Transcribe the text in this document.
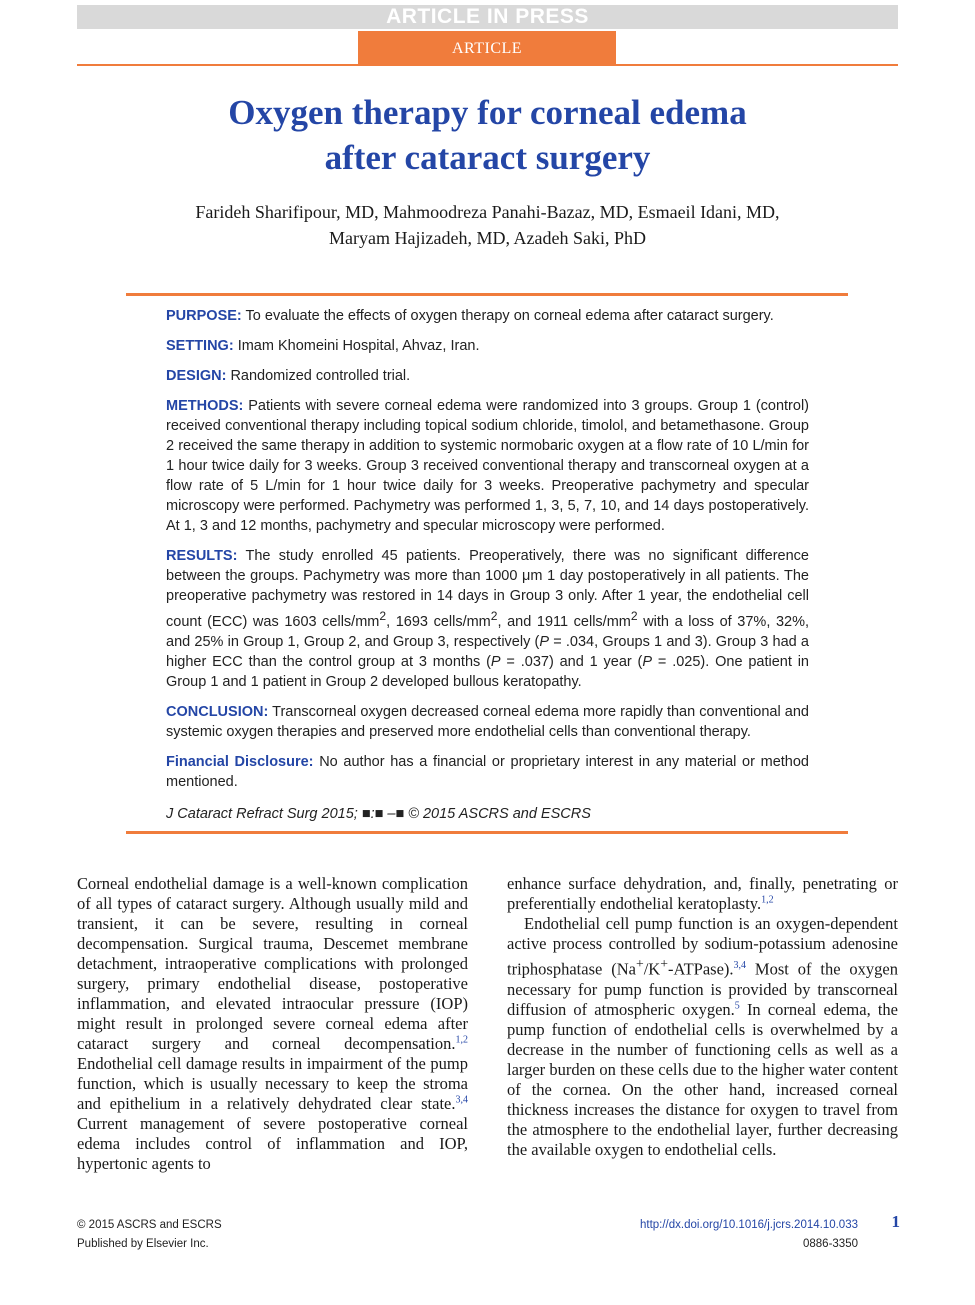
ARTICLE IN PRESS
ARTICLE
Oxygen therapy for corneal edema
after cataract surgery
Farideh Sharifipour, MD, Mahmoodreza Panahi-Bazaz, MD, Esmaeil Idani, MD,
Maryam Hajizadeh, MD, Azadeh Saki, PhD

PURPOSE: To evaluate the effects of oxygen therapy on corneal edema after cataract surgery.

SETTING: Imam Khomeini Hospital, Ahvaz, Iran.

DESIGN: Randomized controlled trial.

METHODS: Patients with severe corneal edema were randomized into 3 groups. Group 1 (control) received conventional therapy including topical sodium chloride, timolol, and betamethasone. Group 2 received the same therapy in addition to systemic normobaric oxygen at a flow rate of 10 L/min for 1 hour twice daily for 3 weeks. Group 3 received conventional therapy and transcorneal oxygen at a flow rate of 5 L/min for 1 hour twice daily for 3 weeks. Preoperative pachymetry and specular microscopy were performed. Pachymetry was performed 1, 3, 5, 7, 10, and 14 days postoperatively. At 1, 3 and 12 months, pachymetry and specular microscopy were performed.

RESULTS: The study enrolled 45 patients. Preoperatively, there was no significant difference between the groups. Pachymetry was more than 1000 μm 1 day postoperatively in all patients. The preoperative pachymetry was restored in 14 days in Group 3 only. After 1 year, the endothelial cell count (ECC) was 1603 cells/$mm^2$, 1693 cells/$mm^2$, and 1911 cells/$mm^2$ with a loss of 37%, 32%, and 25% in Group 1, Group 2, and Group 3, respectively (P = .034, Groups 1 and 3). Group 3 had a higher ECC than the control group at 3 months (P = .037) and 1 year (P = .025). One patient in Group 1 and 1 patient in Group 2 developed bullous keratopathy.

CONCLUSION: Transcorneal oxygen decreased corneal edema more rapidly than conventional and systemic oxygen therapies and preserved more endothelial cells than conventional therapy.

Financial Disclosure: No author has a financial or proprietary interest in any material or method mentioned.

J Cataract Refract Surg 2015; ■:■ –■ © 2015 ASCRS and ESCRS

Corneal endothelial damage is a well-known complication of all types of cataract surgery. Although usually mild and transient, it can be severe, resulting in corneal decompensation. Surgical trauma, Descemet membrane detachment, intraoperative complications with prolonged surgery, primary endothelial disease, postoperative inflammation, and elevated intraocular pressure (IOP) might result in prolonged severe corneal edema after cataract surgery and corneal decompensation.$^{1,2}$ Endothelial cell damage results in impairment of the pump function, which is usually necessary to keep the stroma and epithelium in a relatively dehydrated clear state.$^{3,4}$ Current management of severe postoperative corneal edema includes control of inflammation and IOP, hypertonic agents to

enhance surface dehydration, and, finally, penetrating or preferentially endothelial keratoplasty.$^{1,2}$

Endothelial cell pump function is an oxygen-dependent active process controlled by sodium-potassium adenosine triphosphatase (Na+/K+-ATPase).$^{3,4}$ Most of the oxygen necessary for pump function is provided by transcorneal diffusion of atmospheric oxygen.$^5$ In corneal edema, the pump function of endothelial cells is overwhelmed by a decrease in the number of functioning cells as well as a larger burden on these cells due to the higher water content of the cornea. On the other hand, increased corneal thickness increases the distance for oxygen to travel from the atmosphere to the endothelial layer, further decreasing the available oxygen to endothelial cells.

© 2015 ASCRS and ESCRS
Published by Elsevier Inc.
http://dx.doi.org/10.1016/j.jcrs.2014.10.033
0886-3350
1
